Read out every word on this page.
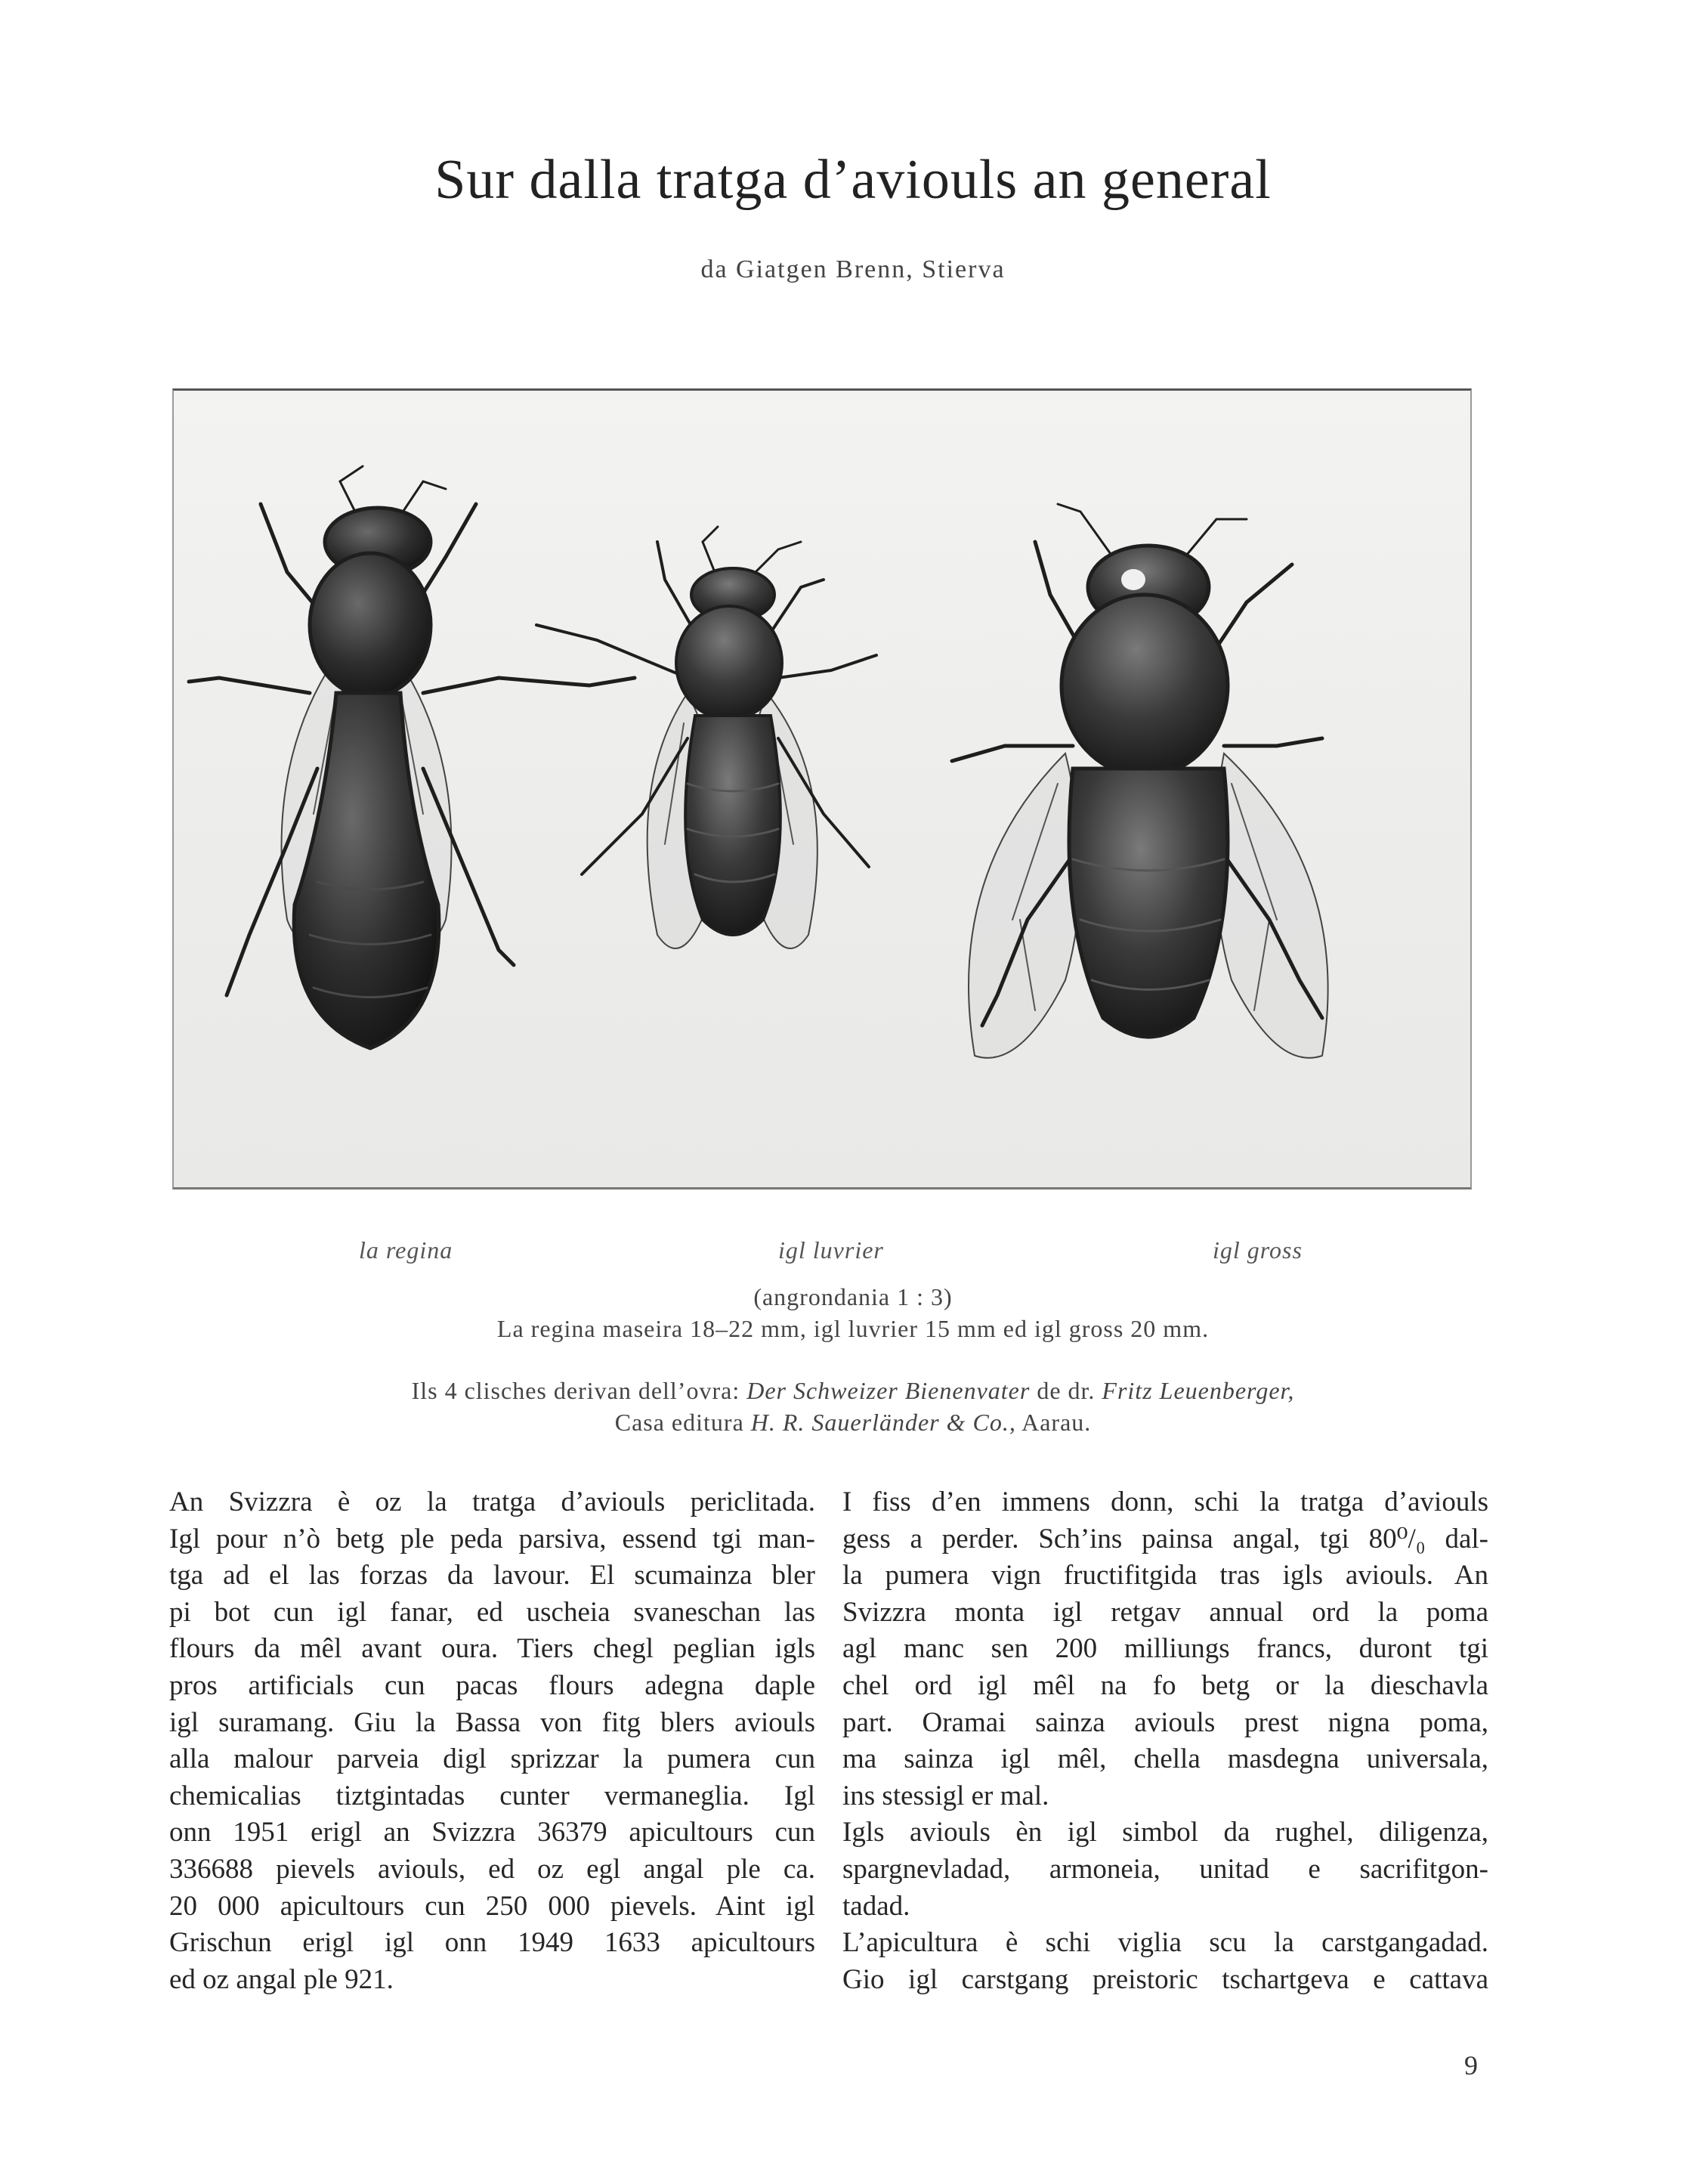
Sur dalla tratga d’aviouls an general
da Giatgen Brenn, Stierva
la regina	igl luvrier	igl gross
(angrondania 1 : 3)
La regina maseira 18–22 mm, igl luvrier 15 mm ed igl gross 20 mm.
Ils 4 clisches derivan dell’ovra: Der Schweizer Bienenvater de dr. Fritz Leuenberger,
Casa editura H. R. Sauerländer & Co., Aarau.
An Svizzra è oz la tratga d’aviouls periclitada.
Igl pour n’ò betg ple peda parsiva, essend tgi man-
tga ad el las forzas da lavour. El scumainza bler
pi bot cun igl fanar, ed uscheia svaneschan las
flours da mêl avant oura. Tiers chegl peglian igls
pros artificials cun pacas flours adegna daple
igl suramang. Giu la Bassa von fitg blers aviouls
alla malour parveia digl sprizzar la pumera cun
chemicalias tiztgintadas cunter vermaneglia. Igl
onn 1951 erigl an Svizzra 36379 apicultours cun
336688 pievels aviouls, ed oz egl angal ple ca.
20 000 apicultours cun 250 000 pievels. Aint igl
Grischun erigl igl onn 1949 1633 apicultours
ed oz angal ple 921.
I fiss d’en immens donn, schi la tratga d’aviouls
gess a perder. Sch’ins painsa angal, tgi 80⁰/₀ dal-
la pumera vign fructifitgida tras igls aviouls. An
Svizzra monta igl retgav annual ord la poma
agl manc sen 200 milliungs francs, duront tgi
chel ord igl mêl na fo betg or la dieschavla
part. Oramai sainza aviouls prest nigna poma,
ma sainza igl mêl, chella masdegna universala,
ins stessigl er mal.
Igls aviouls èn igl simbol da rughel, diligenza,
spargnevladad, armoneia, unitad e sacrifitgon-
tadad.
L’apicultura è schi viglia scu la carstgangadad.
Gio igl carstgang preistoric tschartgeva e cattava
9
